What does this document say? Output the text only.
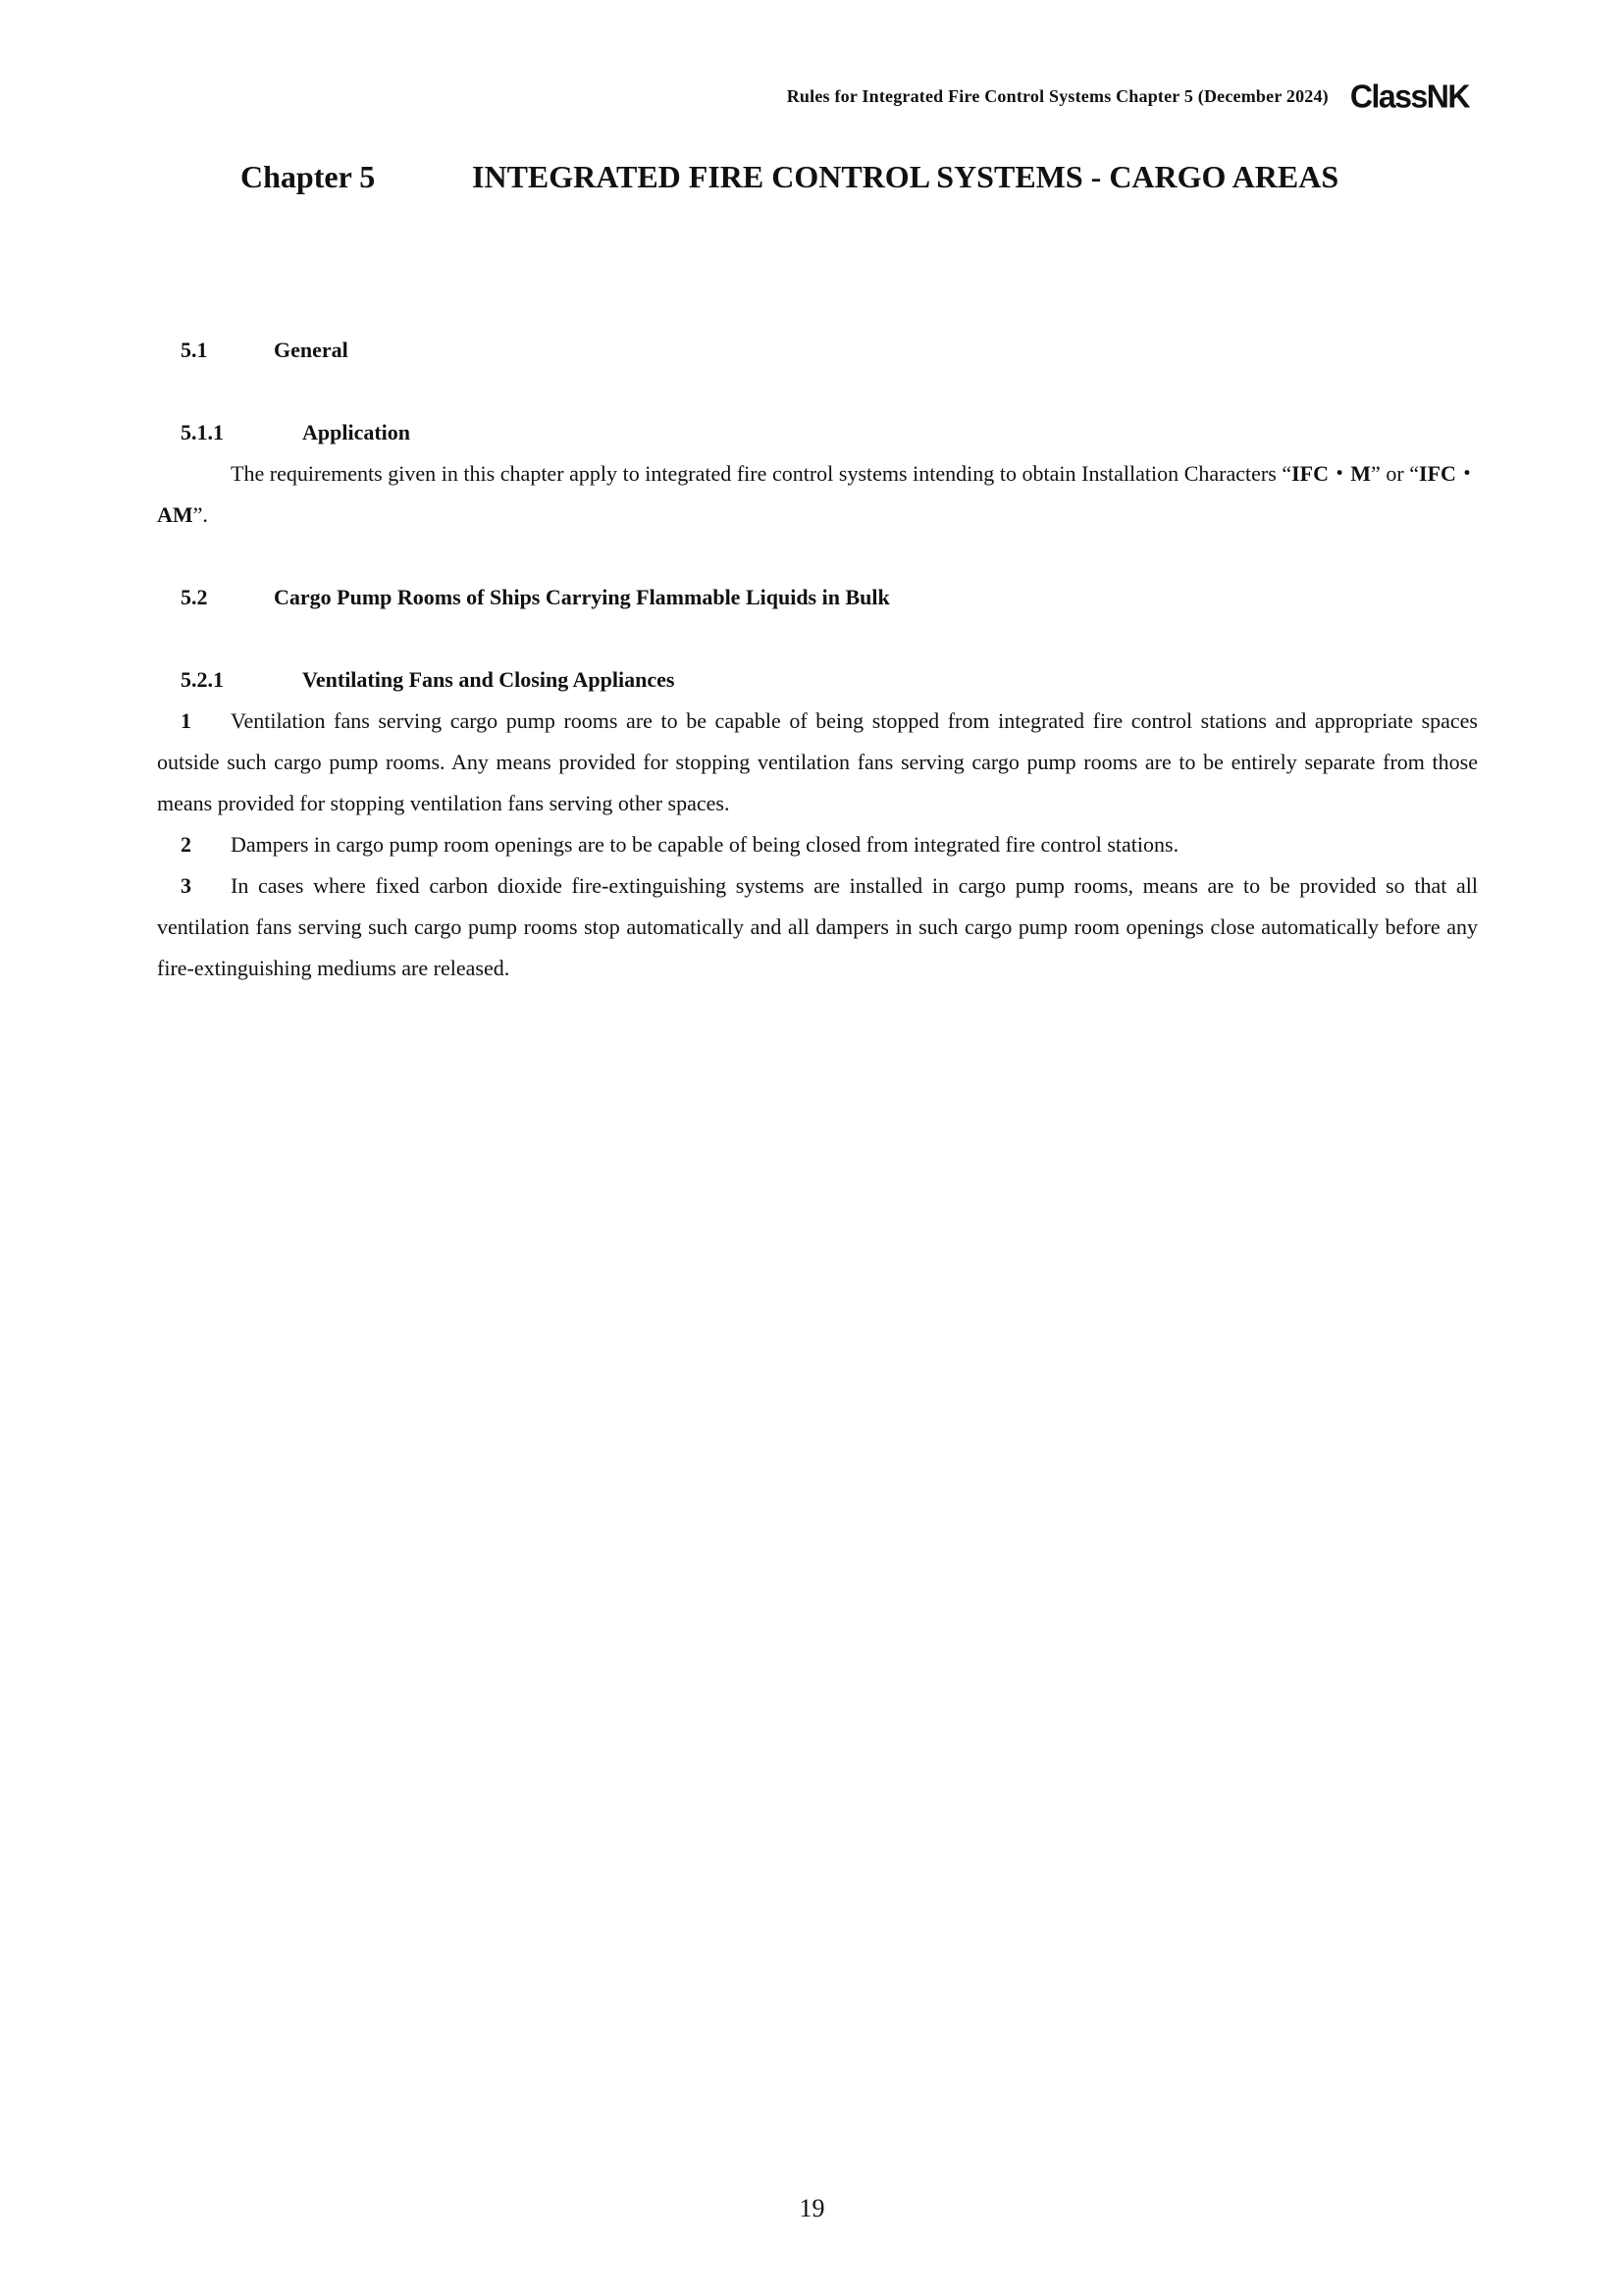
Rules for Integrated Fire Control Systems Chapter 5 (December 2024) ClassNK
Chapter 5	INTEGRATED FIRE CONTROL SYSTEMS - CARGO AREAS
5.1	General
5.1.1	Application

The requirements given in this chapter apply to integrated fire control systems intending to obtain Installation Characters “IFC・M” or “IFC・AM”.

5.2	Cargo Pump Rooms of Ships Carrying Flammable Liquids in Bulk
5.2.1	Ventilating Fans and Closing Appliances

1 Ventilation fans serving cargo pump rooms are to be capable of being stopped from integrated fire control stations and appropriate spaces outside such cargo pump rooms. Any means provided for stopping ventilation fans serving cargo pump rooms are to be entirely separate from those means provided for stopping ventilation fans serving other spaces.

2 Dampers in cargo pump room openings are to be capable of being closed from integrated fire control stations.

3 In cases where fixed carbon dioxide fire-extinguishing systems are installed in cargo pump rooms, means are to be provided so that all ventilation fans serving such cargo pump rooms stop automatically and all dampers in such cargo pump room openings close automatically before any fire-extinguishing mediums are released.

19
